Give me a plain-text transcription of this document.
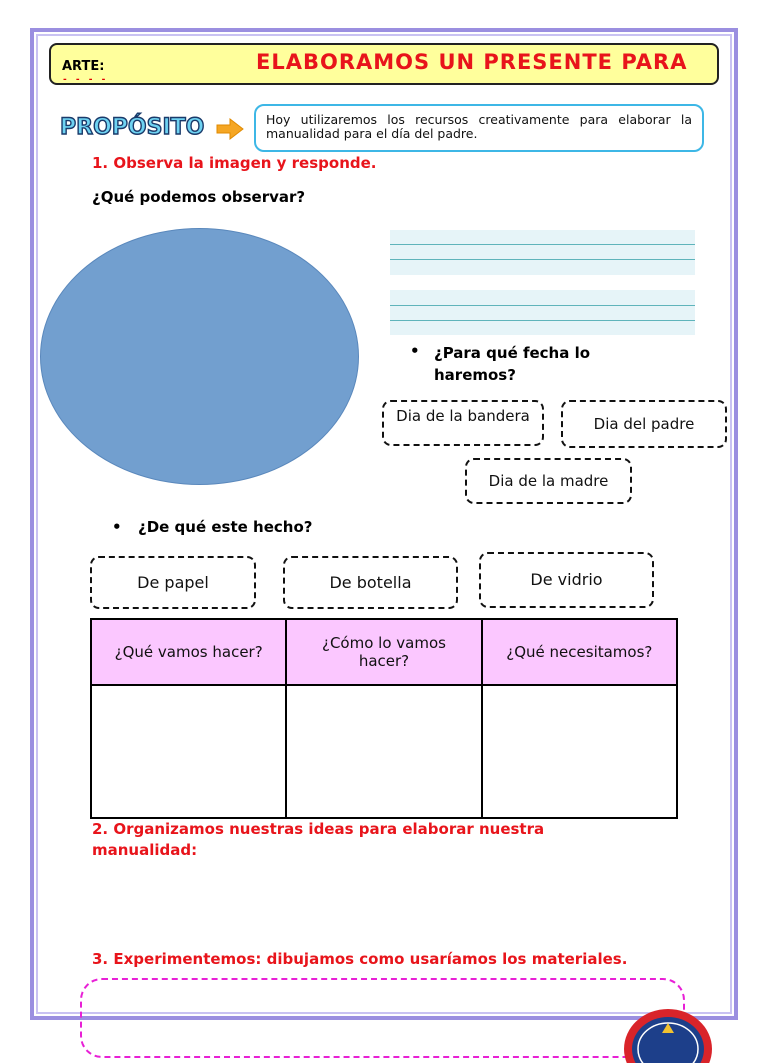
ARTE:
- - - -
ELABORAMOS UN PRESENTE PARA
PROPÓSITO	Hoy utilizaremos los recursos creativamente para elaborar la manualidad para el día del padre.
1. Observa la imagen y responde.
¿Qué podemos observar?
• ¿Para qué fecha lo haremos?
Dia de la bandera	Dia del padre
Dia de la madre
• ¿De qué este hecho?
De papel	De botella	De vidrio
¿Qué vamos hacer?	¿Cómo lo vamos hacer?	¿Qué necesitamos?

2. Organizamos nuestras ideas para elaborar nuestra manualidad:
3. Experimentemos: dibujamos como usaríamos los materiales.
